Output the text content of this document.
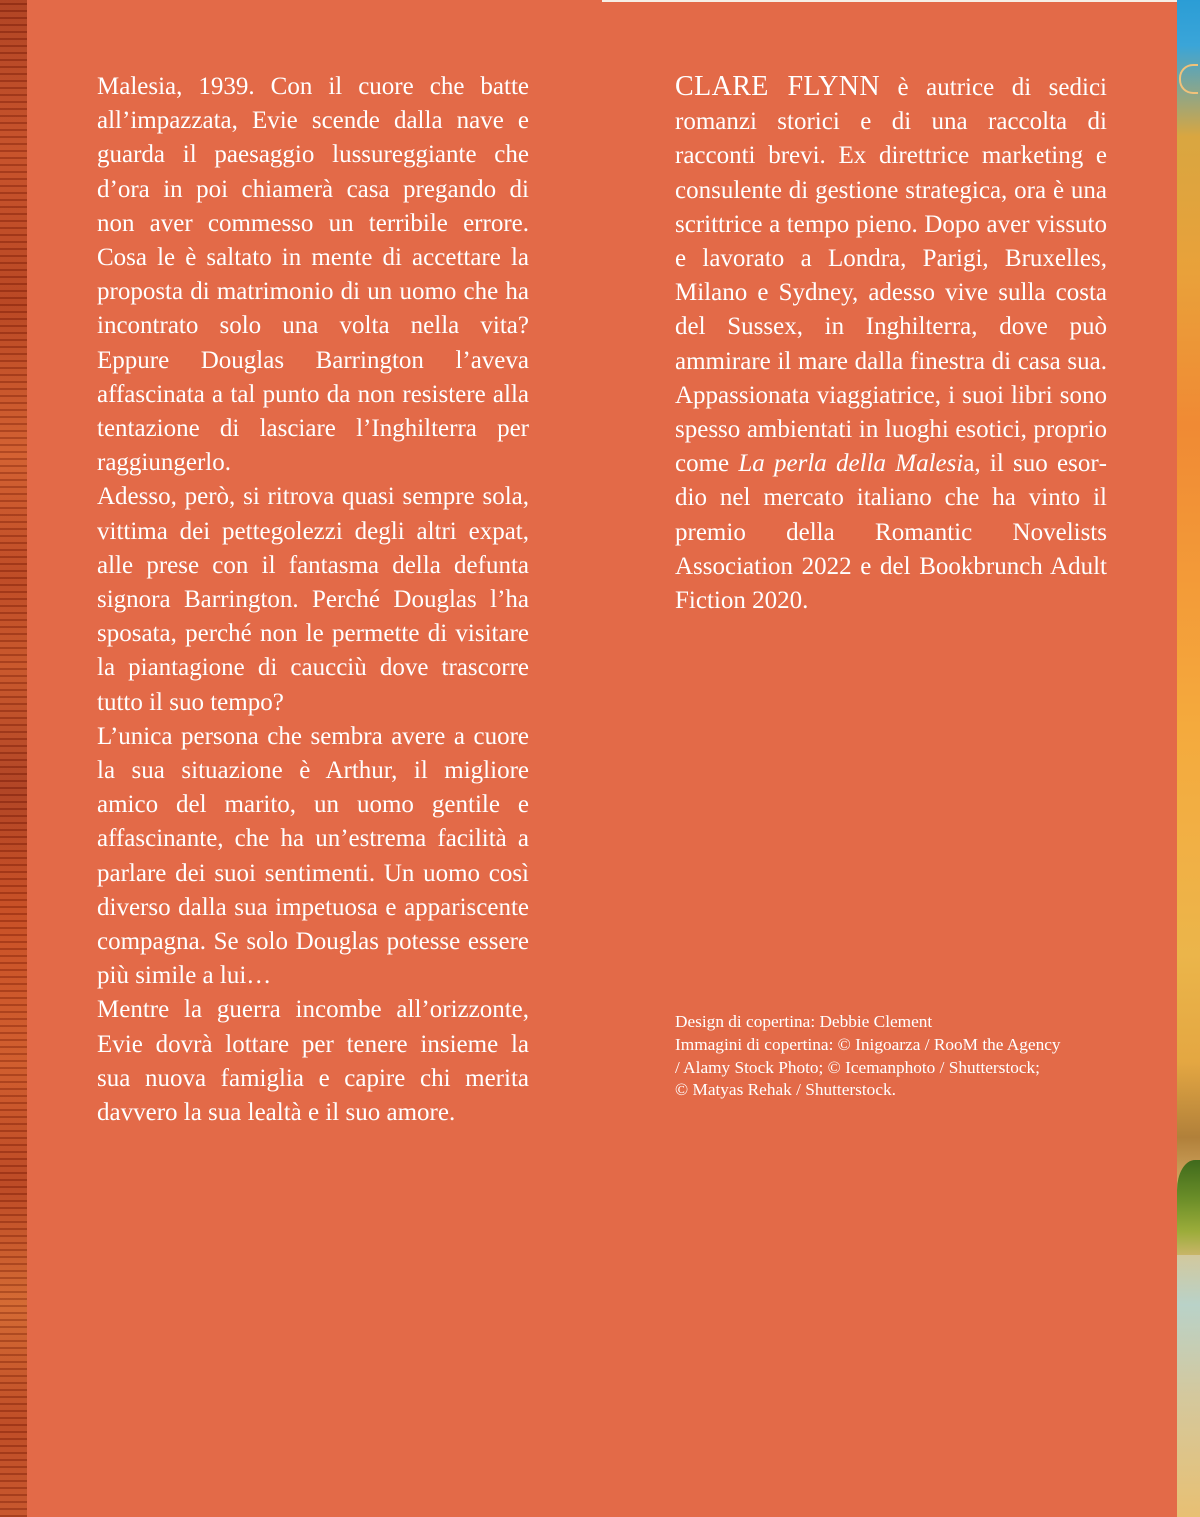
Malesia, 1939. Con il cuore che batte all’impazzata, Evie scende dalla nave e guarda il paesaggio lussureggiante che d’ora in poi chiamerà casa pregando di non aver commesso un terribile errore. Cosa le è saltato in mente di accettare la proposta di matrimonio di un uomo che ha incontrato solo una volta nella vita? Eppure Douglas Barrington l’aveva affascinata a tal punto da non resistere alla tentazione di lasciare l’Inghilterra per raggiungerlo.

Adesso, però, si ritrova quasi sempre sola, vittima dei pettegolezzi degli altri expat, alle prese con il fantasma della defunta signora Barrington. Perché Douglas l’ha sposata, perché non le permette di visitare la piantagione di caucciù dove trascorre tutto il suo tempo?

L’unica persona che sembra avere a cuore la sua situazione è Arthur, il migliore amico del marito, un uomo gentile e affascinante, che ha un’estrema facilità a parlare dei suoi sentimenti. Un uomo così diverso dalla sua impetuosa e appariscente compagna. Se solo Douglas potesse essere più simile a lui…

Mentre la guerra incombe all’orizzonte, Evie dovrà lottare per tenere insieme la sua nuova famiglia e capire chi merita davvero la sua lealtà e il suo amore.

CLARE FLYNN è autrice di sedici romanzi storici e di una raccolta di racconti brevi. Ex direttrice marketing e consulente di gestione strategica, ora è una scrittrice a tempo pieno. Dopo aver vissuto e lavorato a Londra, Parigi, Bruxelles, Milano e Sydney, adesso vive sulla costa del Sussex, in Inghilterra, dove può ammirare il mare dalla finestra di casa sua. Appassionata viaggiatrice, i suoi libri sono spesso ambientati in luoghi esotici, proprio come La perla della Malesia, il suo esordio nel mercato italiano che ha vinto il premio della Romantic Novelists Association 2022 e del Bookbrunch Adult Fiction 2020.

Design di copertina: Debbie Clement
Immagini di copertina: © Inigoarza / RooM the Agency
/ Alamy Stock Photo; © Icemanphoto / Shutterstock;
© Matyas Rehak / Shutterstock.
